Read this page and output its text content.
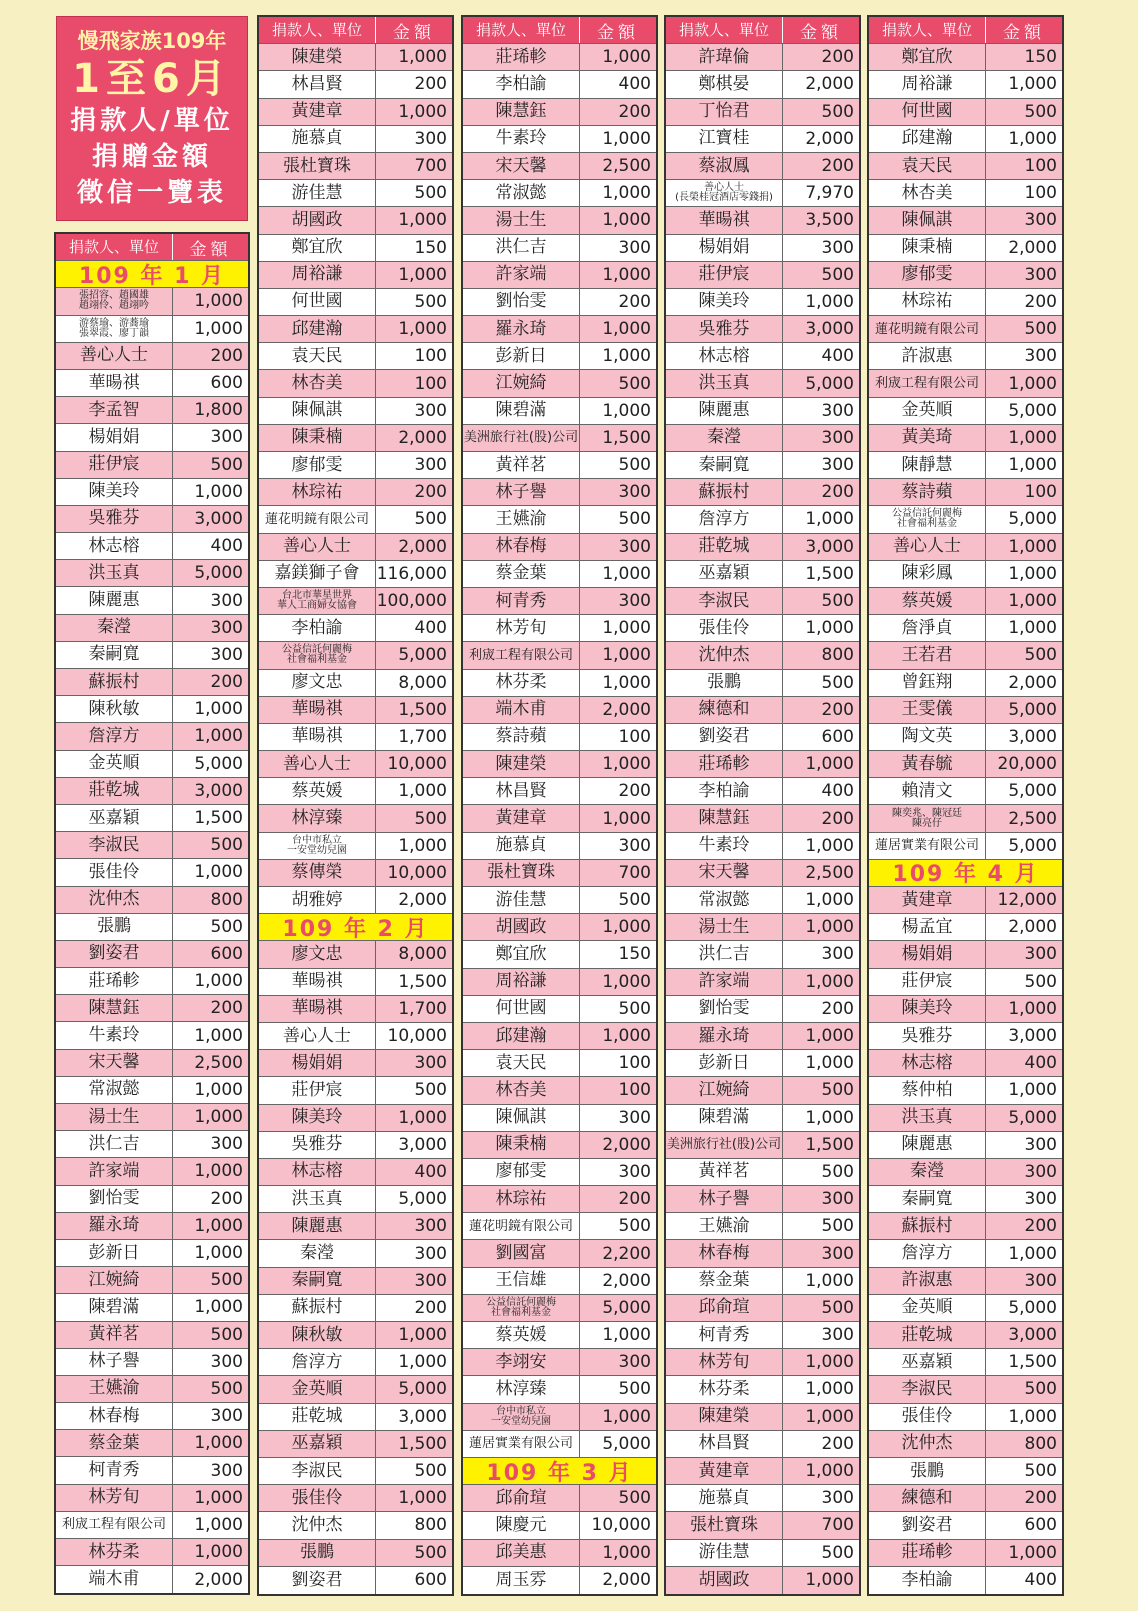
慢飛家族109年
1至6月
捐款人/單位
捐贈金額
徵信一覽表
捐款人、單位	金額
109 年 1 月
張招容、趙國雄
趙翊伶、趙翊吟	1,000
游蔡瑜、游蕎瑜
張翠霞、廖丁韻	1,000
善心人士	200
華暘祺	600
李孟智	1,800
楊娟娟	300
莊伊宸	500
陳美玲	1,000
吳雅芬	3,000
林志榕	400
洪玉真	5,000
陳麗惠	300
秦瀅	300
秦嗣寬	300
蘇振村	200
陳秋敏	1,000
詹淳方	1,000
金英順	5,000
莊乾城	3,000
巫嘉穎	1,500
李淑民	500
張佳伶	1,000
沈仲杰	800
張鵬	500
劉姿君	600
莊琋軫	1,000
陳慧鈺	200
牛素玲	1,000
宋天馨	2,500
常淑懿	1,000
湯士生	1,000
洪仁吉	300
許家端	1,000
劉怡雯	200
羅永琦	1,000
彭新日	1,000
江婉綺	500
陳碧滿	1,000
黃祥茗	500
林子譽	300
王嬿渝	500
林春梅	300
蔡金葉	1,000
柯青秀	300
林芳旬	1,000
利宬工程有限公司	1,000
林芬柔	1,000
端木甫	2,000
捐款人、單位	金額
陳建榮	1,000
林昌賢	200
黃建章	1,000
施慕貞	300
張杜寶珠	700
游佳慧	500
胡國政	1,000
鄭宜欣	150
周裕謙	1,000
何世國	500
邱建瀚	1,000
袁天民	100
林杏美	100
陳佩諆	300
陳秉楠	2,000
廖郁雯	300
林琮祐	200
蓮花明鏡有限公司	500
善心人士	2,000
嘉鎂獅子會	116,000
台北市華星世界
華人工商婦女協會	100,000
李柏諭	400
公益信託何麗梅
社會福利基金	5,000
廖文忠	8,000
華暘祺	1,500
華暘祺	1,700
善心人士	10,000
蔡英媛	1,000
林淳臻	500
台中市私立
一安堂幼兒園	1,000
蔡傳榮	10,000
胡雅婷	2,000
109 年 2 月
廖文忠	8,000
華暘祺	1,500
華暘祺	1,700
善心人士	10,000
楊娟娟	300
莊伊宸	500
陳美玲	1,000
吳雅芬	3,000
林志榕	400
洪玉真	5,000
陳麗惠	300
秦瀅	300
秦嗣寬	300
蘇振村	200
陳秋敏	1,000
詹淳方	1,000
金英順	5,000
莊乾城	3,000
巫嘉穎	1,500
李淑民	500
張佳伶	1,000
沈仲杰	800
張鵬	500
劉姿君	600
捐款人、單位	金額
莊琋軫	1,000
李柏諭	400
陳慧鈺	200
牛素玲	1,000
宋天馨	2,500
常淑懿	1,000
湯士生	1,000
洪仁吉	300
許家端	1,000
劉怡雯	200
羅永琦	1,000
彭新日	1,000
江婉綺	500
陳碧滿	1,000
美洲旅行社(股)公司	1,500
黃祥茗	500
林子譽	300
王嬿渝	500
林春梅	300
蔡金葉	1,000
柯青秀	300
林芳旬	1,000
利宬工程有限公司	1,000
林芬柔	1,000
端木甫	2,000
蔡詩蘋	100
陳建榮	1,000
林昌賢	200
黃建章	1,000
施慕貞	300
張杜寶珠	700
游佳慧	500
胡國政	1,000
鄭宜欣	150
周裕謙	1,000
何世國	500
邱建瀚	1,000
袁天民	100
林杏美	100
陳佩諆	300
陳秉楠	2,000
廖郁雯	300
林琮祐	200
蓮花明鏡有限公司	500
劉國富	2,200
王信雄	2,000
公益信託何麗梅
社會福利基金	5,000
蔡英媛	1,000
李翊安	300
林淳臻	500
台中市私立
一安堂幼兒園	1,000
蓮居實業有限公司	5,000
109 年 3 月
邱俞瑄	500
陳慶元	10,000
邱美惠	1,000
周玉雰	2,000
捐款人、單位	金額
許瑋倫	200
鄭棋晏	2,000
丁怡君	500
江寶桂	2,000
蔡淑鳳	200
善心人士
(長榮桂冠酒店零錢捐)	7,970
華暘祺	3,500
楊娟娟	300
莊伊宸	500
陳美玲	1,000
吳雅芬	3,000
林志榕	400
洪玉真	5,000
陳麗惠	300
秦瀅	300
秦嗣寬	300
蘇振村	200
詹淳方	1,000
莊乾城	3,000
巫嘉穎	1,500
李淑民	500
張佳伶	1,000
沈仲杰	800
張鵬	500
練德和	200
劉姿君	600
莊琋軫	1,000
李柏諭	400
陳慧鈺	200
牛素玲	1,000
宋天馨	2,500
常淑懿	1,000
湯士生	1,000
洪仁吉	300
許家端	1,000
劉怡雯	200
羅永琦	1,000
彭新日	1,000
江婉綺	500
陳碧滿	1,000
美洲旅行社(股)公司	1,500
黃祥茗	500
林子譽	300
王嬿渝	500
林春梅	300
蔡金葉	1,000
邱俞瑄	500
柯青秀	300
林芳旬	1,000
林芬柔	1,000
陳建榮	1,000
林昌賢	200
黃建章	1,000
施慕貞	300
張杜寶珠	700
游佳慧	500
胡國政	1,000
捐款人、單位	金額
鄭宜欣	150
周裕謙	1,000
何世國	500
邱建瀚	1,000
袁天民	100
林杏美	100
陳佩諆	300
陳秉楠	2,000
廖郁雯	300
林琮祐	200
蓮花明鏡有限公司	500
許淑惠	300
利宬工程有限公司	1,000
金英順	5,000
黃美琦	1,000
陳靜慧	1,000
蔡詩蘋	100
公益信託何麗梅
社會福利基金	5,000
善心人士	1,000
陳彩鳳	1,000
蔡英媛	1,000
詹淨貞	1,000
王若君	500
曾鈺翔	2,000
王雯儀	5,000
陶文英	3,000
黃春毓	20,000
賴清文	5,000
陳奕兆、陳冠廷
陳亮仔	2,500
蓮居實業有限公司	5,000
109 年 4 月
黃建章	12,000
楊孟宜	2,000
楊娟娟	300
莊伊宸	500
陳美玲	1,000
吳雅芬	3,000
林志榕	400
蔡仲柏	1,000
洪玉真	5,000
陳麗惠	300
秦瀅	300
秦嗣寬	300
蘇振村	200
詹淳方	1,000
許淑惠	300
金英順	5,000
莊乾城	3,000
巫嘉穎	1,500
李淑民	500
張佳伶	1,000
沈仲杰	800
張鵬	500
練德和	200
劉姿君	600
莊琋軫	1,000
李柏諭	400
